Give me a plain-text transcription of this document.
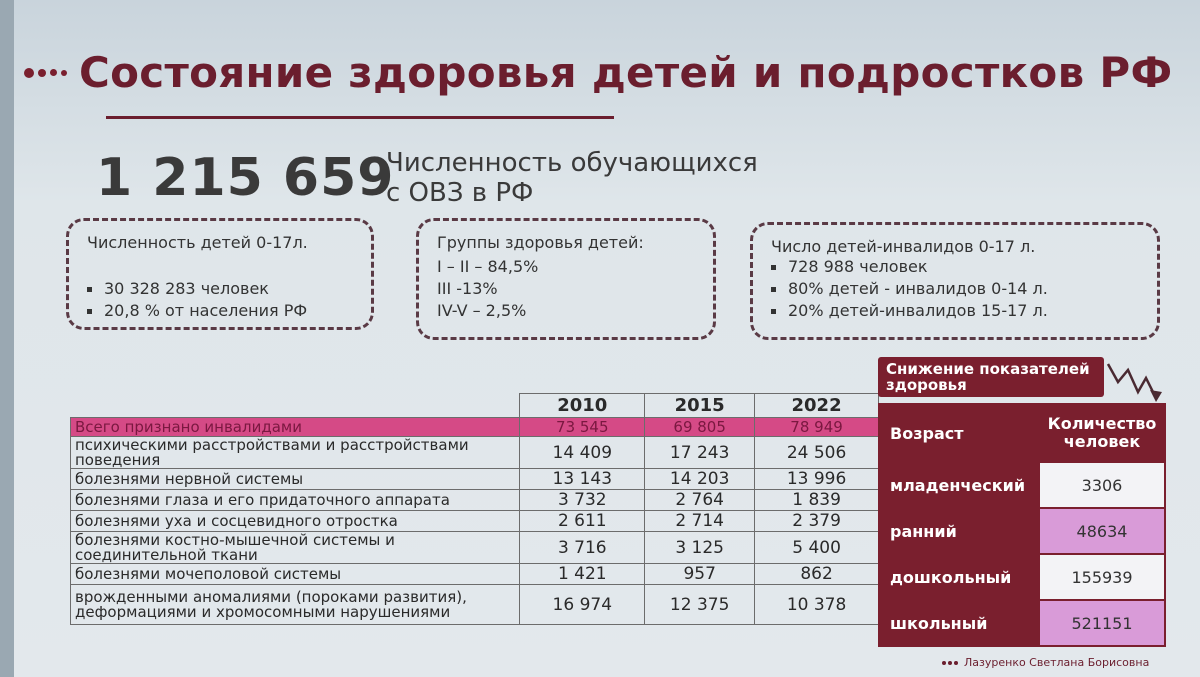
Состояние здоровья детей и подростков РФ
1 215 659
Численность обучающихся
с ОВЗ в РФ
Численность детей 0-17л.
30 328 283 человек
20,8 % от населения РФ
Группы здоровья детей:
I – II – 84,5%
III -13%
IV-V – 2,5%
Число детей-инвалидов 0-17 л.
728 988 человек
80% детей - инвалидов 0-14 л.
20% детей-инвалидов 15-17 л.
	2010	2015	2022
Всего признано инвалидами	73 545	69 805	78 949
психическими расстройствами и расстройствами поведения	14 409	17 243	24 506
болезнями нервной системы	13 143	14 203	13 996
болезнями глаза и его придаточного аппарата	3 732	2 764	1 839
болезнями уха и сосцевидного отростка	2 611	2 714	2 379
болезнями костно-мышечной системы и соединительной ткани	3 716	3 125	5 400
болезнями мочеполовой системы	1 421	957	862
врожденными аномалиями (пороками развития), деформациями и хромосомными нарушениями	16 974	12 375	10 378
Снижение показателей здоровья
Возраст	Количество человек
младенческий	3306
ранний	48634
дошкольный	155939
школьный	521151
Лазуренко Светлана Борисовна
